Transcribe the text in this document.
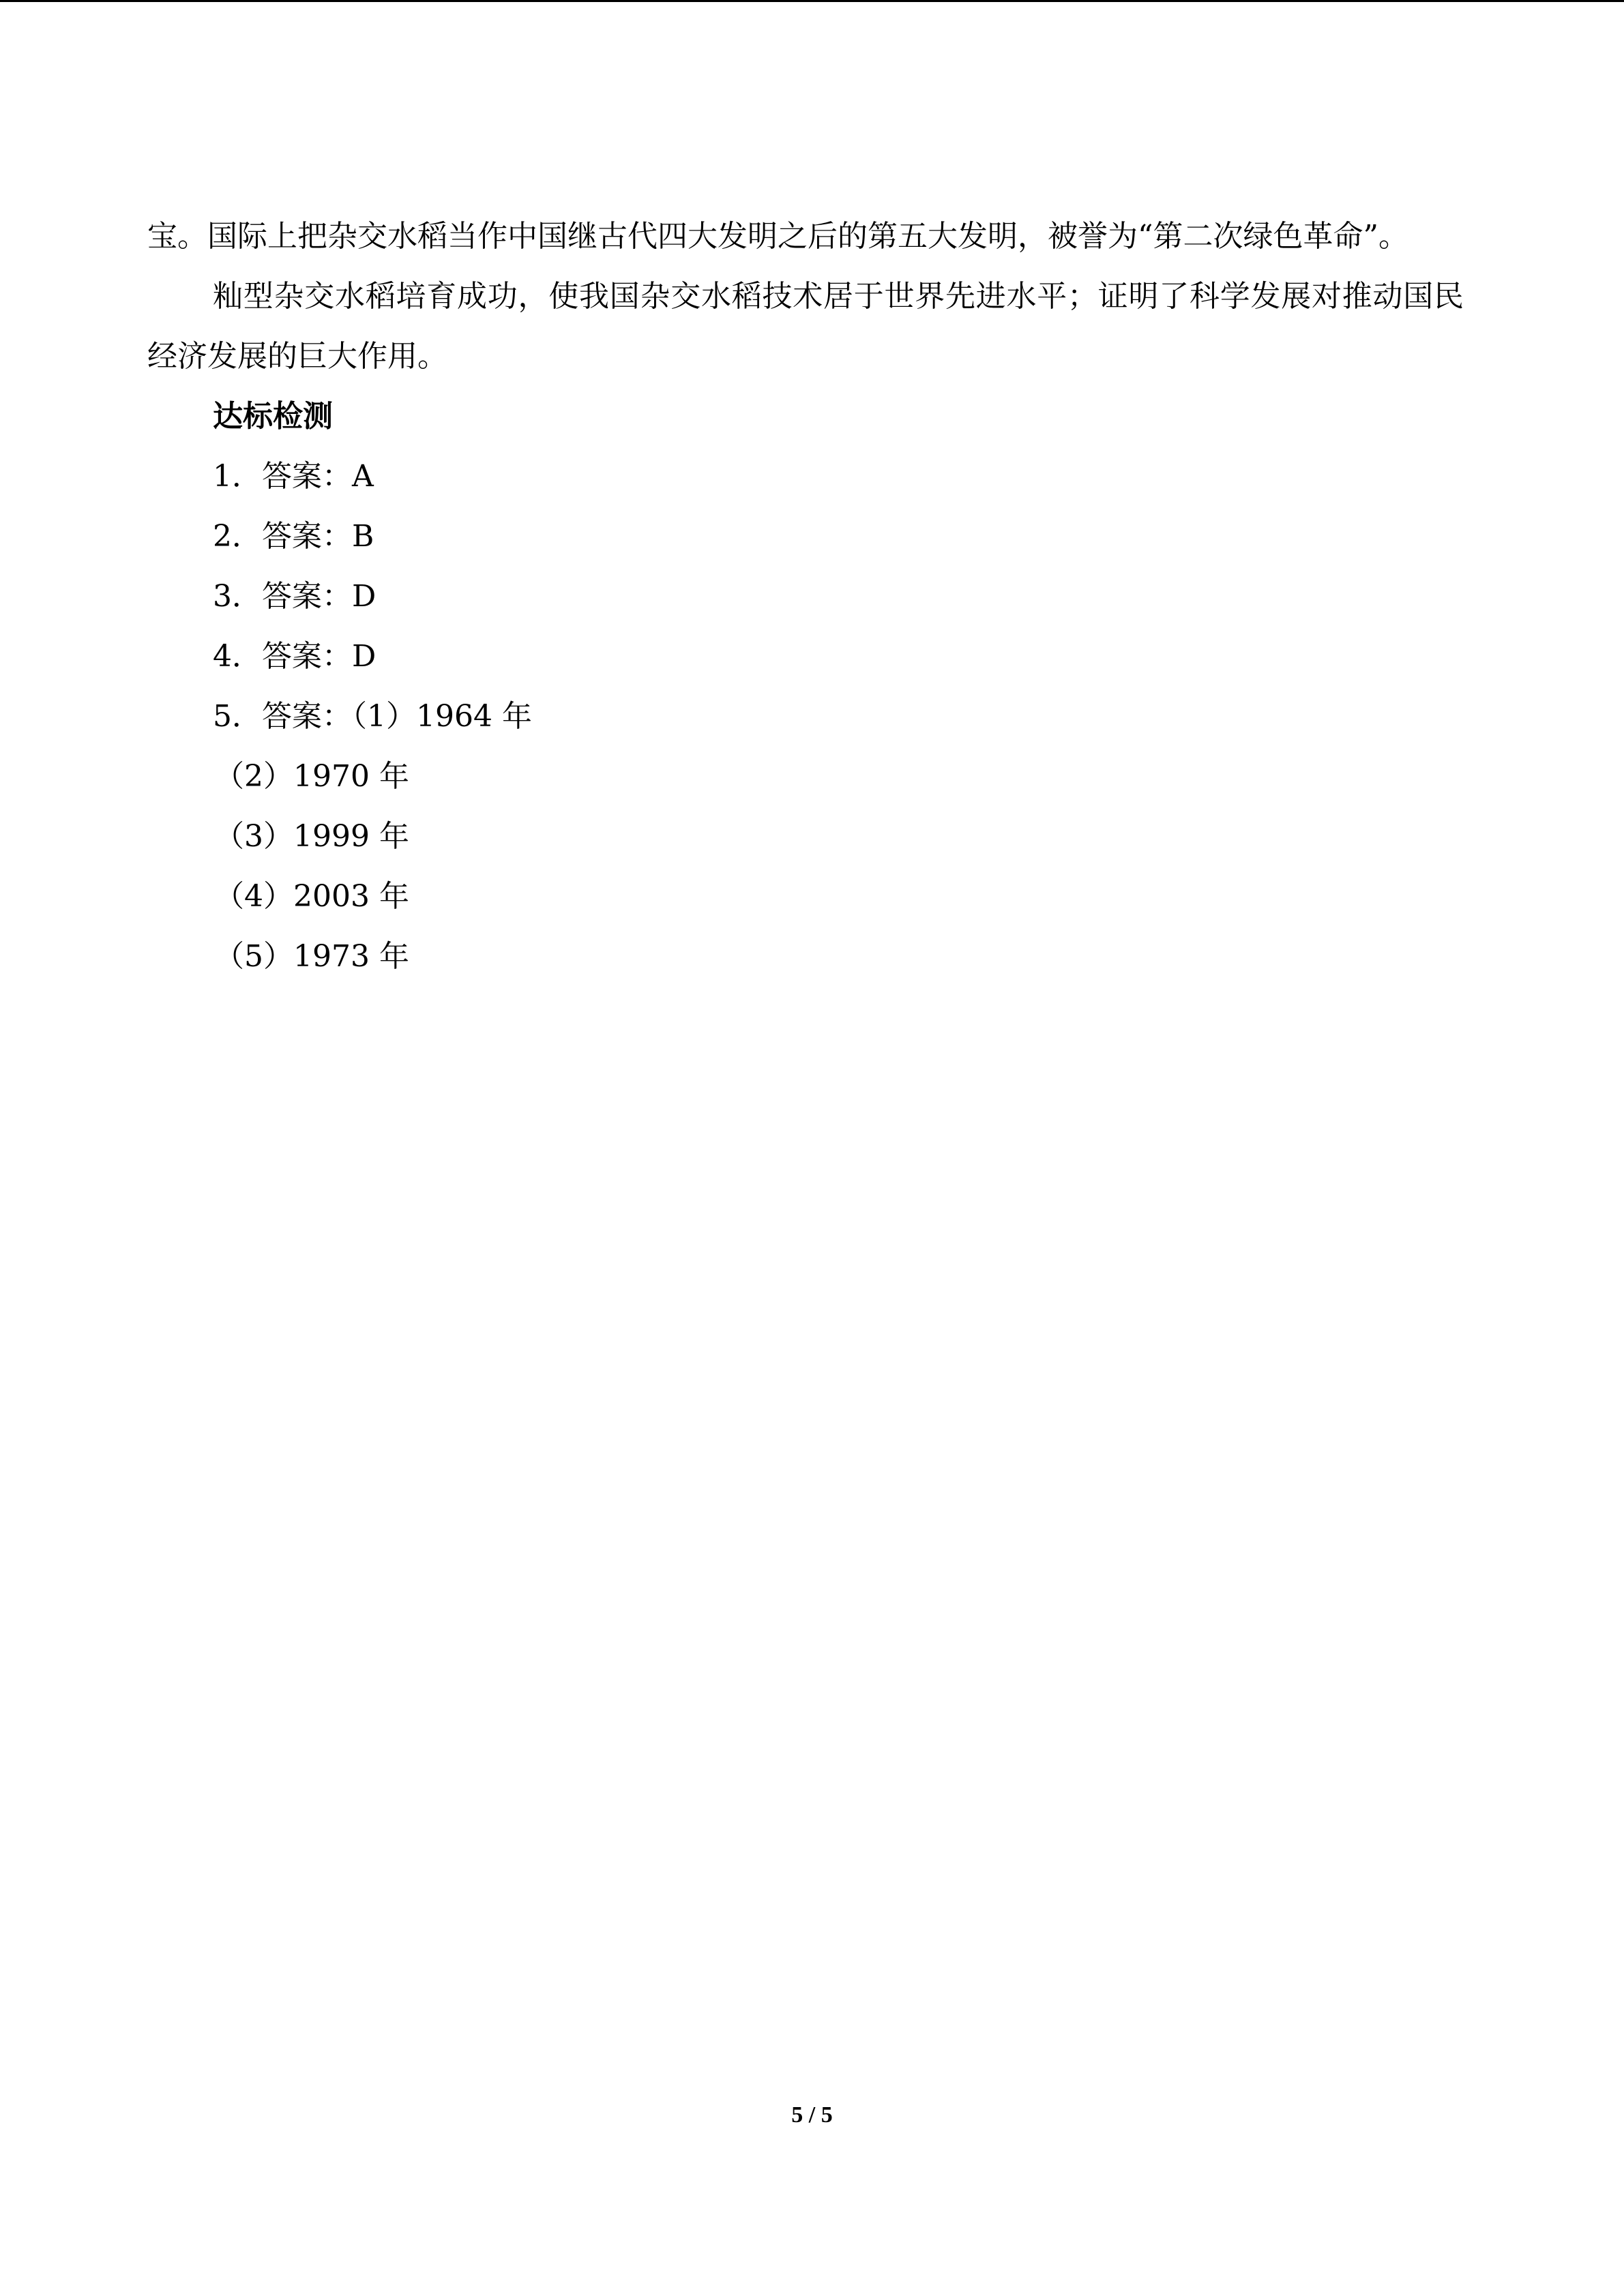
宝。国际上把杂交水稻当作中国继古代四大发明之后的第五大发明，被誉为“第二次绿色革命”。

籼型杂交水稻培育成功，使我国杂交水稻技术居于世界先进水平；证明了科学发展对推动国民经济发展的巨大作用。

达标检测

1．答案：A

2．答案：B

3．答案：D

4．答案：D

5．答案：（1）1964 年

（2）1970 年

（3）1999 年

（4）2003 年

（5）1973 年

5 / 5
